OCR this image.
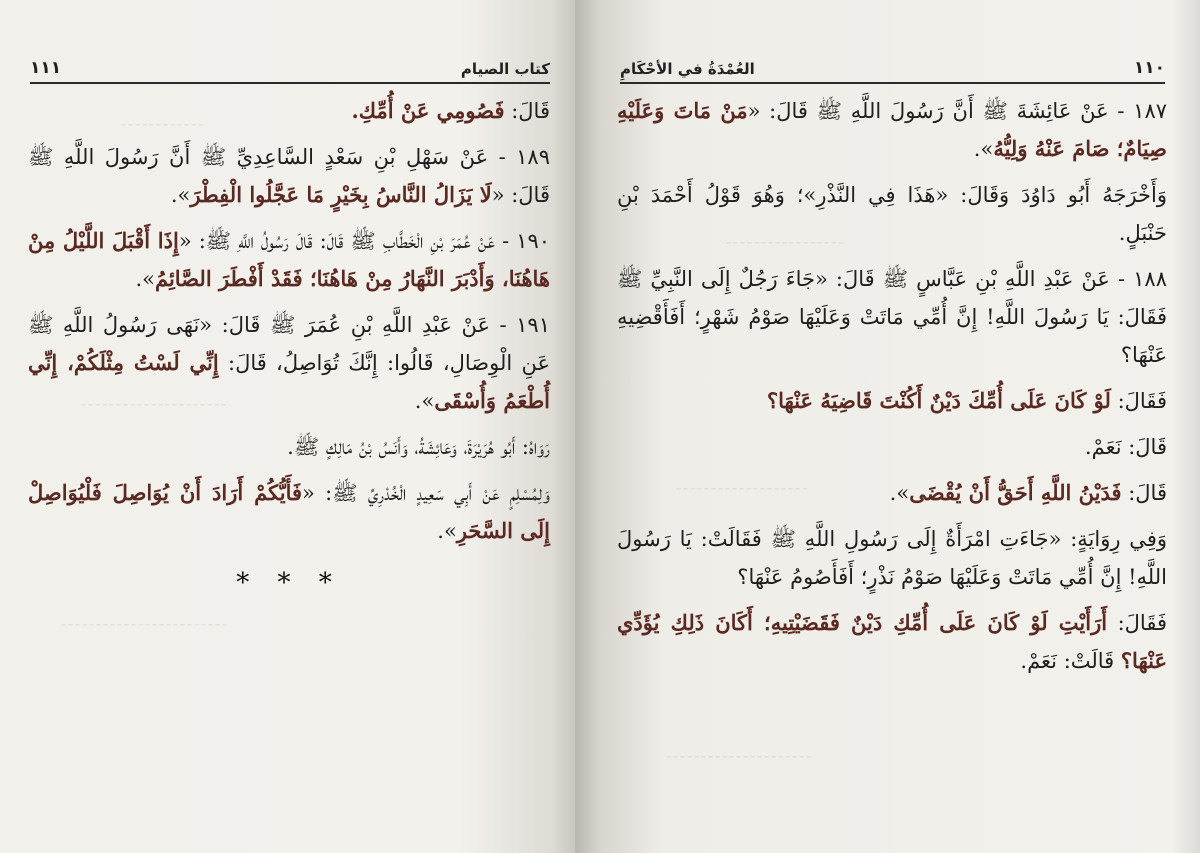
⁃⁃⁃⁃⁃⁃⁃⁃⁃⁃⁃⁃
⁃⁃⁃⁃⁃⁃⁃⁃⁃⁃⁃⁃⁃⁃⁃⁃⁃⁃⁃⁃⁃
⁃⁃⁃⁃⁃⁃⁃⁃⁃⁃⁃⁃⁃⁃⁃⁃⁃⁃⁃⁃⁃⁃⁃⁃
كتاب الصيام
١١١

قَالَ: فَصُومِي عَنْ أُمِّكِ.

١٨٩ - عَنْ سَهْلِ بْنِ سَعْدٍ السَّاعِدِيِّ ﷺ أَنَّ رَسُولَ اللَّهِ ﷺ قَالَ: «لَا يَزَالُ النَّاسُ بِخَيْرٍ مَا عَجَّلُوا الْفِطْرَ».

١٩٠ - عَنْ عُمَرَ بْنِ الْخَطَّابِ ﷺ قَالَ: قَالَ رَسُولُ اللَّهِ ﷺ: «إِذَا أَقْبَلَ اللَّيْلُ مِنْ هَاهُنَا، وَأَدْبَرَ النَّهَارُ مِنْ هَاهُنَا؛ فَقَدْ أَفْطَرَ الصَّائِمُ».

١٩١ - عَنْ عَبْدِ اللَّهِ بْنِ عُمَرَ ﷺ قَالَ: «نَهَى رَسُولُ اللَّهِ ﷺ عَنِ الْوِصَالِ، قَالُوا: إِنَّكَ تُوَاصِلُ، قَالَ: إِنِّي لَسْتُ مِثْلَكُمْ، إِنِّي أُطْعَمُ وَأُسْقَى».

رَوَاهُ: أَبُو هُرَيْرَةَ، وَعَائِشَةُ، وَأَنَسُ بْنُ مَالِكٍ ﷺ.

وَلِمُسْلِمٍ عَنْ أَبِي سَعِيدٍ الْخُدْرِيِّ ﷺ: «فَأَيُّكُمْ أَرَادَ أَنْ يُوَاصِلَ فَلْيُوَاصِلْ إِلَى السَّحَرِ».

* * *
⁃⁃⁃⁃⁃⁃⁃⁃⁃⁃⁃⁃⁃⁃⁃⁃⁃
⁃⁃⁃⁃⁃⁃⁃⁃⁃⁃⁃⁃⁃⁃⁃⁃⁃⁃⁃
⁃⁃⁃⁃⁃⁃⁃⁃⁃⁃⁃⁃⁃⁃⁃⁃⁃⁃⁃⁃⁃
١١٠
العُمْدَةُ في الأحْكَامِ

١٨٧ - عَنْ عَائِشَةَ ﷺ أَنَّ رَسُولَ اللَّهِ ﷺ قَالَ: «مَنْ مَاتَ وَعَلَيْهِ صِيَامٌ؛ صَامَ عَنْهُ وَلِيُّهُ».

وَأَخْرَجَهُ أَبُو دَاوُدَ وَقَالَ: «هَذَا فِي النَّذْرِ»؛ وَهُوَ قَوْلُ أَحْمَدَ بْنِ حَنْبَلٍ.

١٨٨ - عَنْ عَبْدِ اللَّهِ بْنِ عَبَّاسٍ ﷺ قَالَ: «جَاءَ رَجُلٌ إِلَى النَّبِيِّ ﷺ فَقَالَ: يَا رَسُولَ اللَّهِ! إِنَّ أُمِّي مَاتَتْ وَعَلَيْهَا صَوْمُ شَهْرٍ؛ أَفَأَقْضِيهِ عَنْهَا؟

فَقَالَ: لَوْ كَانَ عَلَى أُمِّكَ دَيْنٌ أَكُنْتَ قَاضِيَهُ عَنْهَا؟

قَالَ: نَعَمْ.

قَالَ: فَدَيْنُ اللَّهِ أَحَقُّ أَنْ يُقْضَى».

وَفِي رِوَايَةٍ: «جَاءَتِ امْرَأَةٌ إِلَى رَسُولِ اللَّهِ ﷺ فَقَالَتْ: يَا رَسُولَ اللَّهِ! إِنَّ أُمِّي مَاتَتْ وَعَلَيْهَا صَوْمُ نَذْرٍ؛ أَفَأَصُومُ عَنْهَا؟

فَقَالَ: أَرَأَيْتِ لَوْ كَانَ عَلَى أُمِّكِ دَيْنٌ فَقَضَيْتِيهِ؛ أَكَانَ ذَلِكِ يُؤَدِّي عَنْهَا؟ قَالَتْ: نَعَمْ.
